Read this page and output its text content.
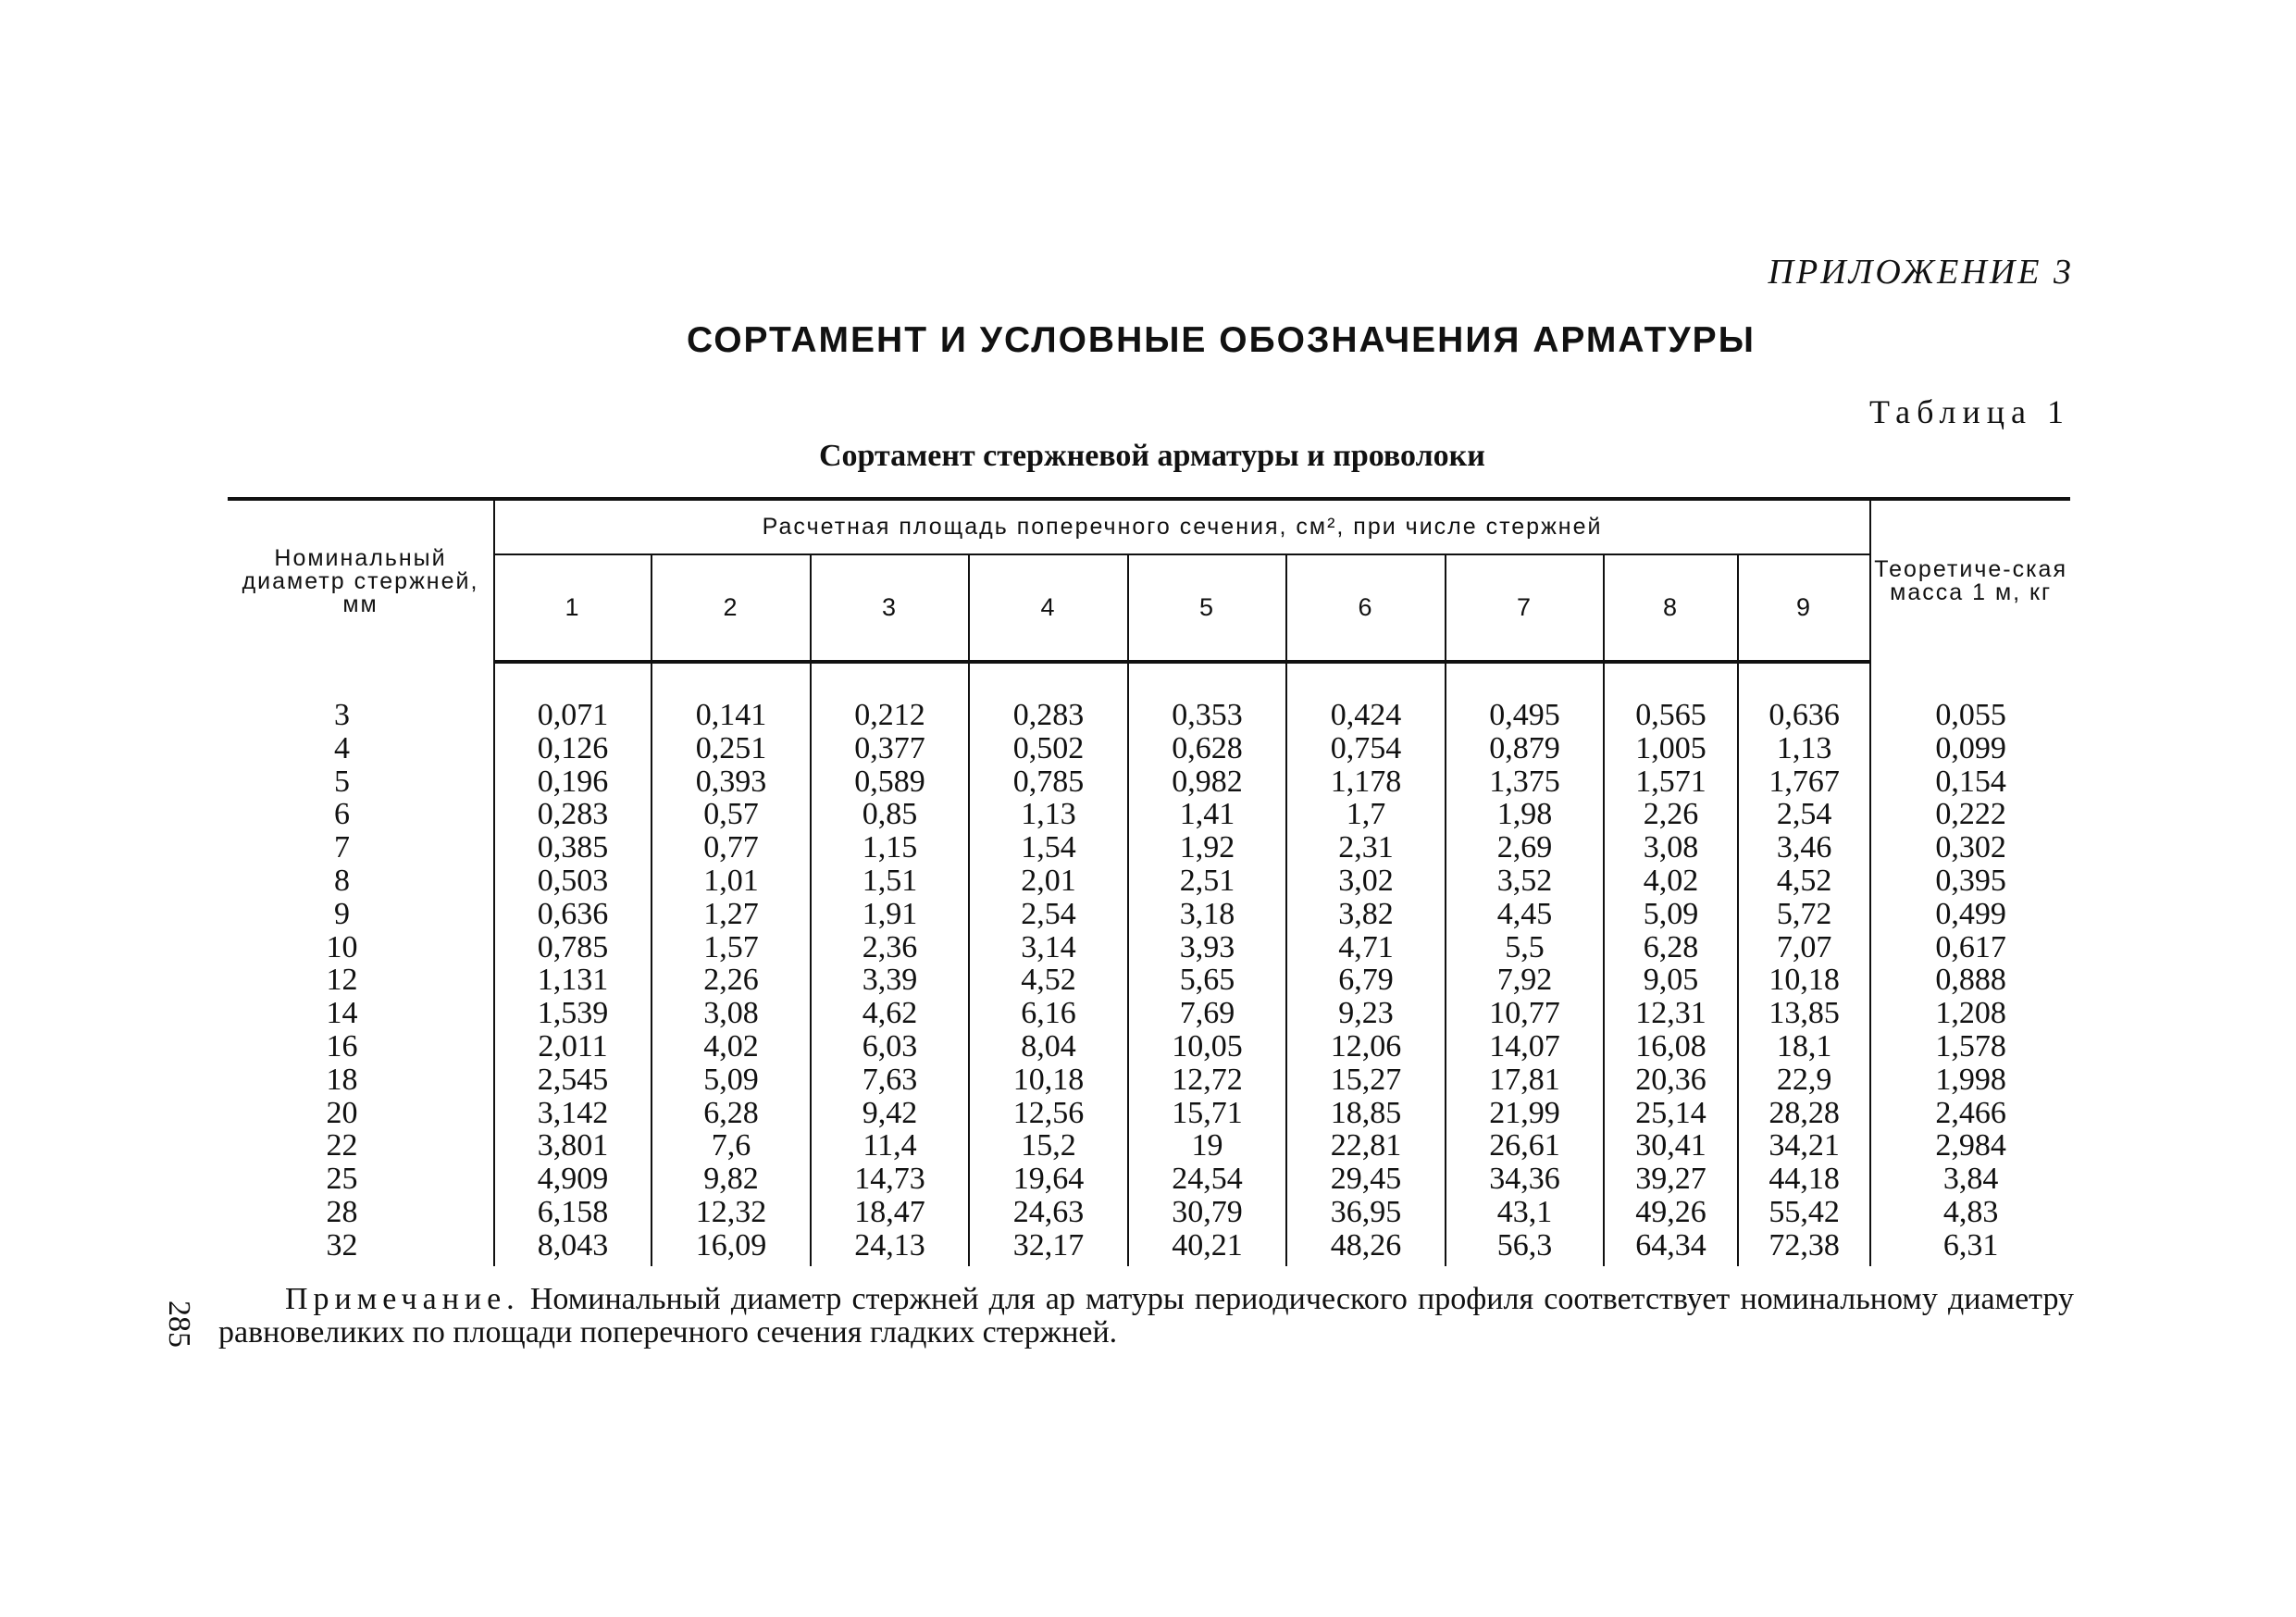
ПРИЛОЖЕНИЕ 3
СОРТАМЕНТ И УСЛОВНЫЕ ОБОЗНАЧЕНИЯ АРМАТУРЫ
Таблица 1
Сортамент стержневой арматуры и проволоки
Номинальный диаметр стержней, мм	Расчетная площадь поперечного сечения, см², при числе стержней									Теоретиче-ская масса 1 м, кг
	1	2	3	4	5	6	7	8	9	

3	0,071	0,141	0,212	0,283	0,353	0,424	0,495	0,565	0,636	0,055
4	0,126	0,251	0,377	0,502	0,628	0,754	0,879	1,005	1,13	0,099
5	0,196	0,393	0,589	0,785	0,982	1,178	1,375	1,571	1,767	0,154
6	0,283	0,57	0,85	1,13	1,41	1,7	1,98	2,26	2,54	0,222
7	0,385	0,77	1,15	1,54	1,92	2,31	2,69	3,08	3,46	0,302
8	0,503	1,01	1,51	2,01	2,51	3,02	3,52	4,02	4,52	0,395
9	0,636	1,27	1,91	2,54	3,18	3,82	4,45	5,09	5,72	0,499
10	0,785	1,57	2,36	3,14	3,93	4,71	5,5	6,28	7,07	0,617
12	1,131	2,26	3,39	4,52	5,65	6,79	7,92	9,05	10,18	0,888
14	1,539	3,08	4,62	6,16	7,69	9,23	10,77	12,31	13,85	1,208
16	2,011	4,02	6,03	8,04	10,05	12,06	14,07	16,08	18,1	1,578
18	2,545	5,09	7,63	10,18	12,72	15,27	17,81	20,36	22,9	1,998
20	3,142	6,28	9,42	12,56	15,71	18,85	21,99	25,14	28,28	2,466
22	3,801	7,6	11,4	15,2	19	22,81	26,61	30,41	34,21	2,984
25	4,909	9,82	14,73	19,64	24,54	29,45	34,36	39,27	44,18	3,84
28	6,158	12,32	18,47	24,63	30,79	36,95	43,1	49,26	55,42	4,83
32	8,043	16,09	24,13	32,17	40,21	48,26	56,3	64,34	72,38	6,31
285

Примечание. Номинальный диаметр стержней для ар матуры периодического профиля соответствует номинальному диаметру равновеликих по площади поперечного сечения гладких стержней.
